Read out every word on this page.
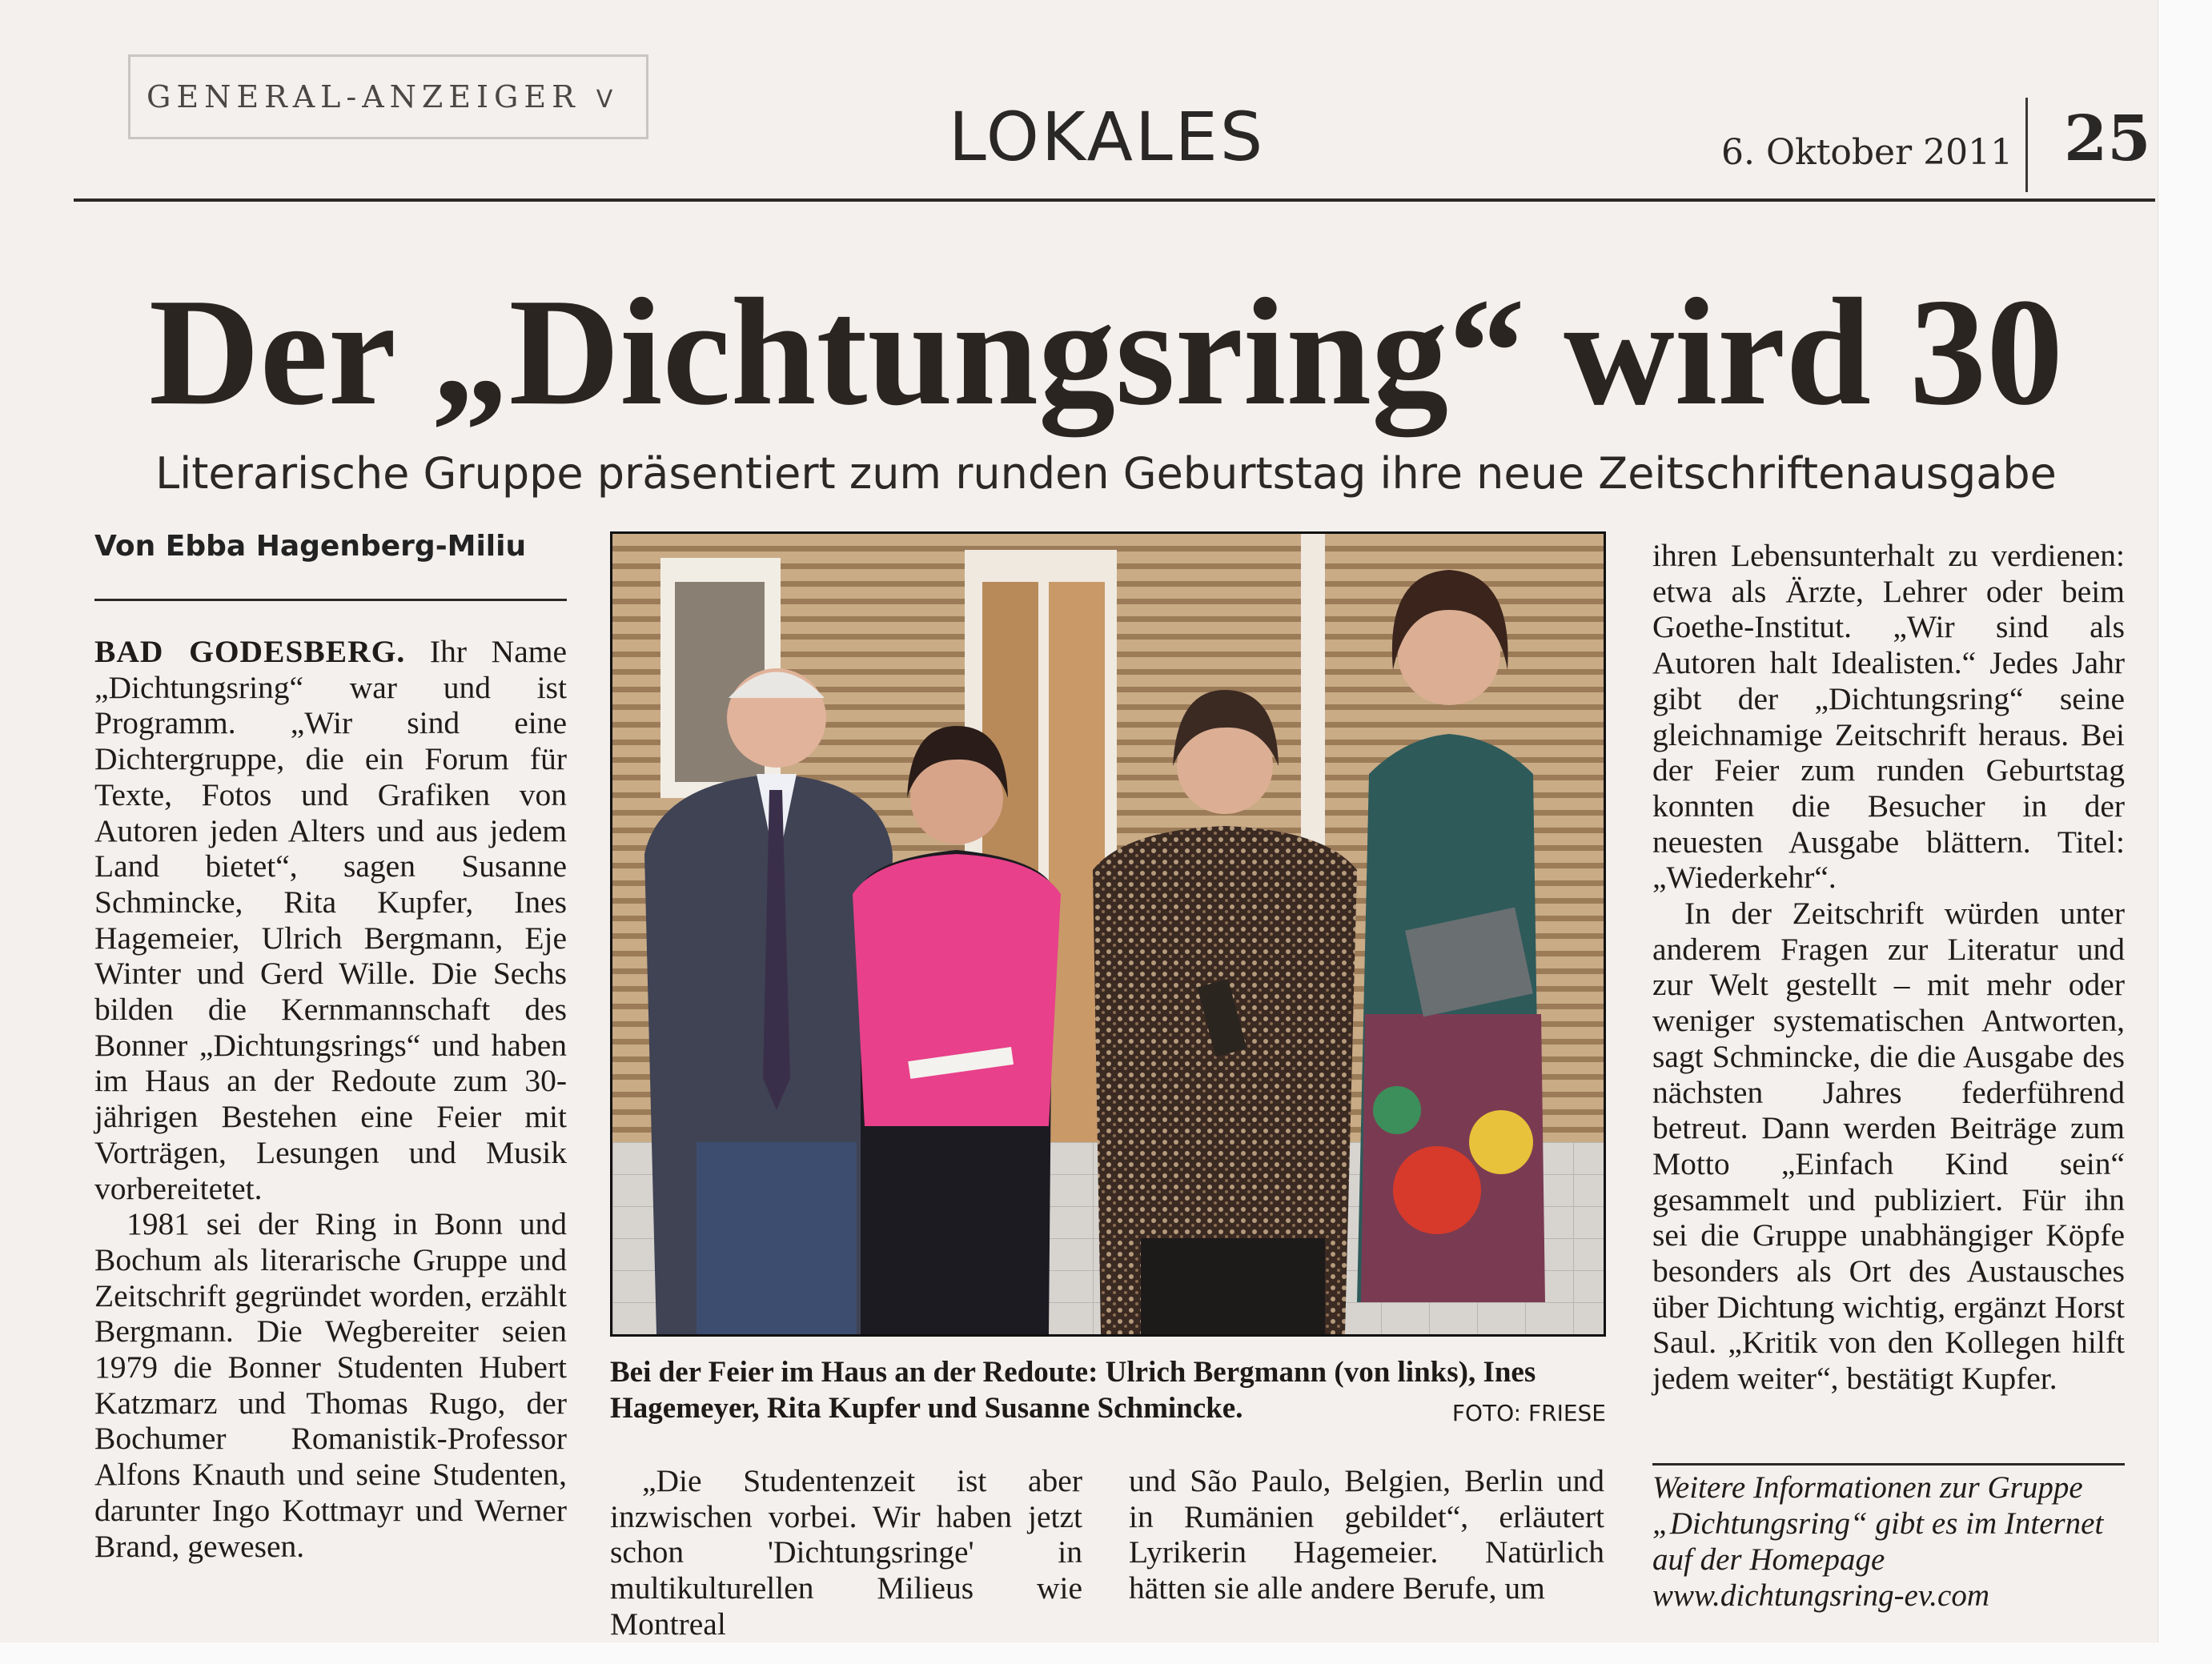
GENERAL-ANZEIGER V	LOKALES	6. Oktober 2011 25
Der „Dichtungsring“ wird 30
Literarische Gruppe präsentiert zum runden Geburtstag ihre neue Zeitschriftenausgabe
Von Ebba Hagenberg-Miliu

BAD GODESBERG. Ihr Name „Dichtungsring“ war und ist Programm. „Wir sind eine Dichtergruppe, die ein Forum für Texte, Fotos und Grafiken von Autoren jeden Alters und aus jedem Land bietet“, sagen Susanne Schmincke, Rita Kupfer, Ines Hagemeier, Ulrich Bergmann, Eje Winter und Gerd Wille. Die Sechs bilden die Kernmannschaft des Bonner „Dichtungsrings“ und haben im Haus an der Redoute zum 30-jährigen Bestehen eine Feier mit Vorträgen, Lesungen und Musik vorbereitetet.

1981 sei der Ring in Bonn und Bochum als literarische Gruppe und Zeitschrift gegründet worden, erzählt Bergmann. Die Wegbereiter seien 1979 die Bonner Studenten Hubert Katzmarz und Thomas Rugo, der Bochumer Romanistik-Professor Alfons Knauth und seine Studenten, darunter Ingo Kottmayr und Werner Brand, gewesen.

Bei der Feier im Haus an der Redoute: Ulrich Bergmann (von links), Ines Hagemeyer, Rita Kupfer und Susanne Schmincke.	FOTO: FRIESE

„Die Studentenzeit ist aber inzwischen vorbei. Wir haben jetzt schon 'Dichtungsringe' in multikulturellen Milieus wie Montreal

und São Paulo, Belgien, Berlin und in Rumänien gebildet“, erläutert Lyrikerin Hagemeier. Natürlich hätten sie alle andere Berufe, um

ihren Lebensunterhalt zu verdienen: etwa als Ärzte, Lehrer oder beim Goethe-Institut. „Wir sind als Autoren halt Idealisten.“ Jedes Jahr gibt der „Dichtungsring“ seine gleichnamige Zeitschrift heraus. Bei der Feier zum runden Geburtstag konnten die Besucher in der neuesten Ausgabe blättern. Titel: „Wiederkehr“.

In der Zeitschrift würden unter anderem Fragen zur Literatur und zur Welt gestellt – mit mehr oder weniger systematischen Antworten, sagt Schmincke, die die Ausgabe des nächsten Jahres federführend betreut. Dann werden Beiträge zum Motto „Einfach Kind sein“ gesammelt und publiziert. Für ihn sei die Gruppe unabhängiger Köpfe besonders als Ort des Austausches über Dichtung wichtig, ergänzt Horst Saul. „Kritik von den Kollegen hilft jedem weiter“, bestätigt Kupfer.

Weitere Informationen zur Gruppe „Dichtungsring“ gibt es im Internet auf der Homepage www.dichtungsring-ev.com
